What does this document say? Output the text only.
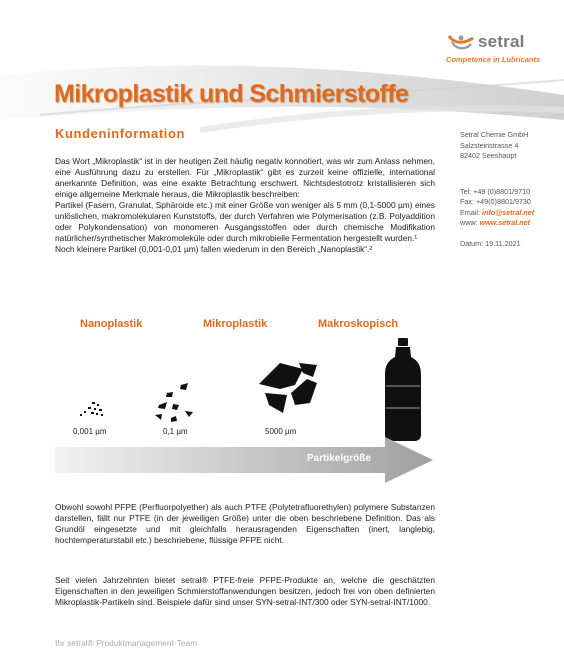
setral
Competence in Lubricants
Mikroplastik und Schmierstoffe
Kundeninformation	Setral Chemie GmbH
Salzsteinstrasse 4
82402 Seeshaupt
Tel: +49 (0)8801/9710
Fax: +49(0)8801/9730
Email: info@setral.net
www: www.setral.net
Datum: 19.11.2021

Das Wort „Mikroplastik“ ist in der heutigen Zeit häufig negativ konnotiert, was wir zum Anlass nehmen, eine Ausführung dazu zu erstellen. Für „Mikroplastik“ gibt es zurzeit keine offizielle, international anerkannte Definition, was eine exakte Betrachtung erschwert. Nichtsdestotrotz kristallisieren sich einige allgemeine Merkmale heraus, die Mikroplastik beschreiben:

Partikel (Fasern, Granulat, Sphäroide etc.) mit einer Größe von weniger als 5 mm (0,1-5000 µm) eines unlöslichen, makromolekularen Kunststoffs, der durch Verfahren wie Polymerisation (z.B. Polyaddition oder Polykondensation) von monomeren Ausgangsstoffen oder durch chemische Modifikation natürlicher/synthetischer Makromoleküle oder durch mikrobielle Fermentation hergestellt wurden.¹

Noch kleinere Partikel (0,001-0,01 µm) fallen wiederum in den Bereich „Nanoplastik“.²

Nanoplastik	Mikroplastik	Makroskopisch
0,001 µm	0,1 µm	5000 µm
Partikelgröße

Obwohl sowohl PFPE (Perfluorpolyether) als auch PTFE (Polytetrafluorethylen) polymere Substanzen darstellen, fällt nur PTFE (in der jeweiligen Größe) unter die oben beschriebene Definition. Das als Grundöl eingesetzte und mit gleichfalls herausragenden Eigenschaften (inert, langlebig, hochtemperaturstabil etc.) beschriebene, flüssige PFPE nicht.

Seit vielen Jahrzehnten bietet setral® PTFE-freie PFPE-Produkte an, welche die geschätzten Eigenschaften in den jeweiligen Schmierstoffanwendungen besitzen, jedoch frei von oben definierten Mikroplastik-Partikeln sind. Beispiele dafür sind unser SYN-setral-INT/300 oder SYN-setral-INT/1000.

Ihr setral® Produktmanagement-Team
